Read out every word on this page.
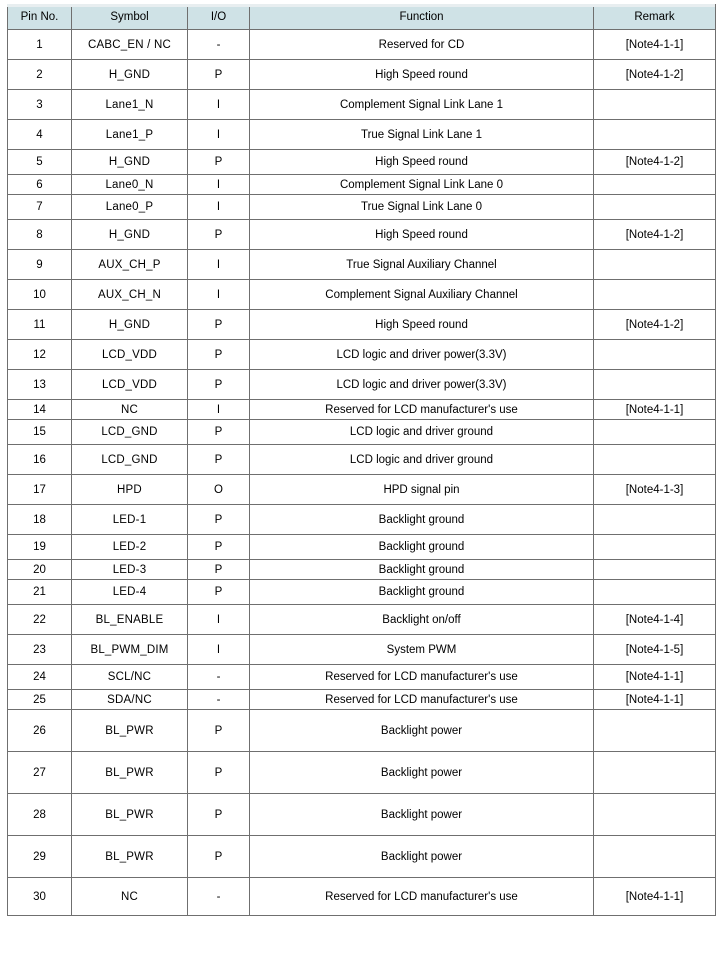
Pin No.	Symbol	I/O	Function	Remark
1	CABC_EN / NC	-	Reserved for CD	[Note4-1-1]
2	H_GND	P	High Speed round	[Note4-1-2]
3	Lane1_N	I	Complement Signal Link Lane 1	
4	Lane1_P	I	True Signal Link Lane 1	
5	H_GND	P	High Speed round	[Note4-1-2]
6	Lane0_N	I	Complement Signal Link Lane 0	
7	Lane0_P	I	True Signal Link Lane 0	
8	H_GND	P	High Speed round	[Note4-1-2]
9	AUX_CH_P	I	True Signal Auxiliary Channel	
10	AUX_CH_N	I	Complement Signal Auxiliary Channel	
11	H_GND	P	High Speed round	[Note4-1-2]
12	LCD_VDD	P	LCD logic and driver power(3.3V)	
13	LCD_VDD	P	LCD logic and driver power(3.3V)	
14	NC	I	Reserved for LCD manufacturer's use	[Note4-1-1]
15	LCD_GND	P	LCD logic and driver ground	
16	LCD_GND	P	LCD logic and driver ground	
17	HPD	O	HPD signal pin	[Note4-1-3]
18	LED-1	P	Backlight ground	
19	LED-2	P	Backlight ground	
20	LED-3	P	Backlight ground	
21	LED-4	P	Backlight ground	
22	BL_ENABLE	I	Backlight on/off	[Note4-1-4]
23	BL_PWM_DIM	I	System PWM	[Note4-1-5]
24	SCL/NC	-	Reserved for LCD manufacturer's use	[Note4-1-1]
25	SDA/NC	-	Reserved for LCD manufacturer's use	[Note4-1-1]
26	BL_PWR	P	Backlight power	
27	BL_PWR	P	Backlight power	
28	BL_PWR	P	Backlight power	
29	BL_PWR	P	Backlight power	
30	NC	-	Reserved for LCD manufacturer's use	[Note4-1-1]
